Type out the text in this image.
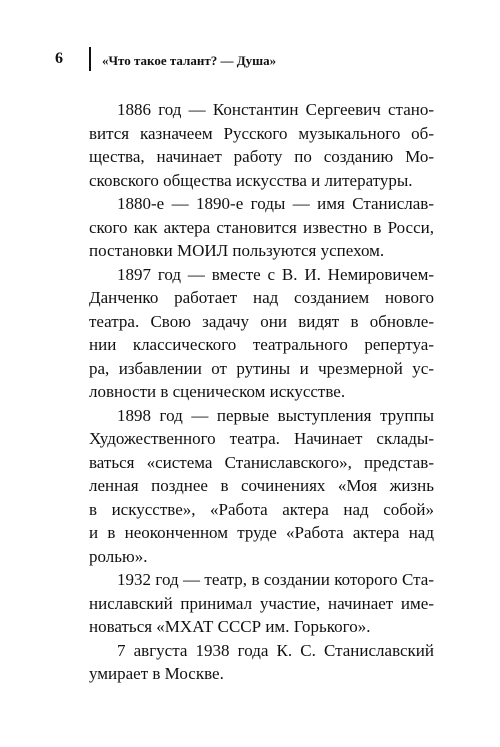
6	«Что такое талант? — Душа»
1886 год — Константин Сергеевич стано-
вится казначеем Русского музыкального об-
щества, начинает работу по созданию Мо-
сковского общества искусства и литературы.
1880-е — 1890-е годы — имя Станислав-
ского как актера становится известно в Росси,
постановки МОИЛ пользуются успехом.
1897 год — вместе с В. И. Немировичем-
Данченко работает над созданием нового
театра. Свою задачу они видят в обновле-
нии классического театрального репертуа-
ра, избавлении от рутины и чрезмерной ус-
ловности в сценическом искусстве.
1898 год — первые выступления труппы
Художественного театра. Начинает склады-
ваться «система Станиславского», представ-
ленная позднее в сочинениях «Моя жизнь
в искусстве», «Работа актера над собой»
и в неоконченном труде «Работа актера над
ролью».
1932 год — театр, в создании которого Ста-
ниславский принимал участие, начинает име-
новаться «МХАТ СССР им. Горького».
7 августа 1938 года К. С. Станиславский
умирает в Москве.
